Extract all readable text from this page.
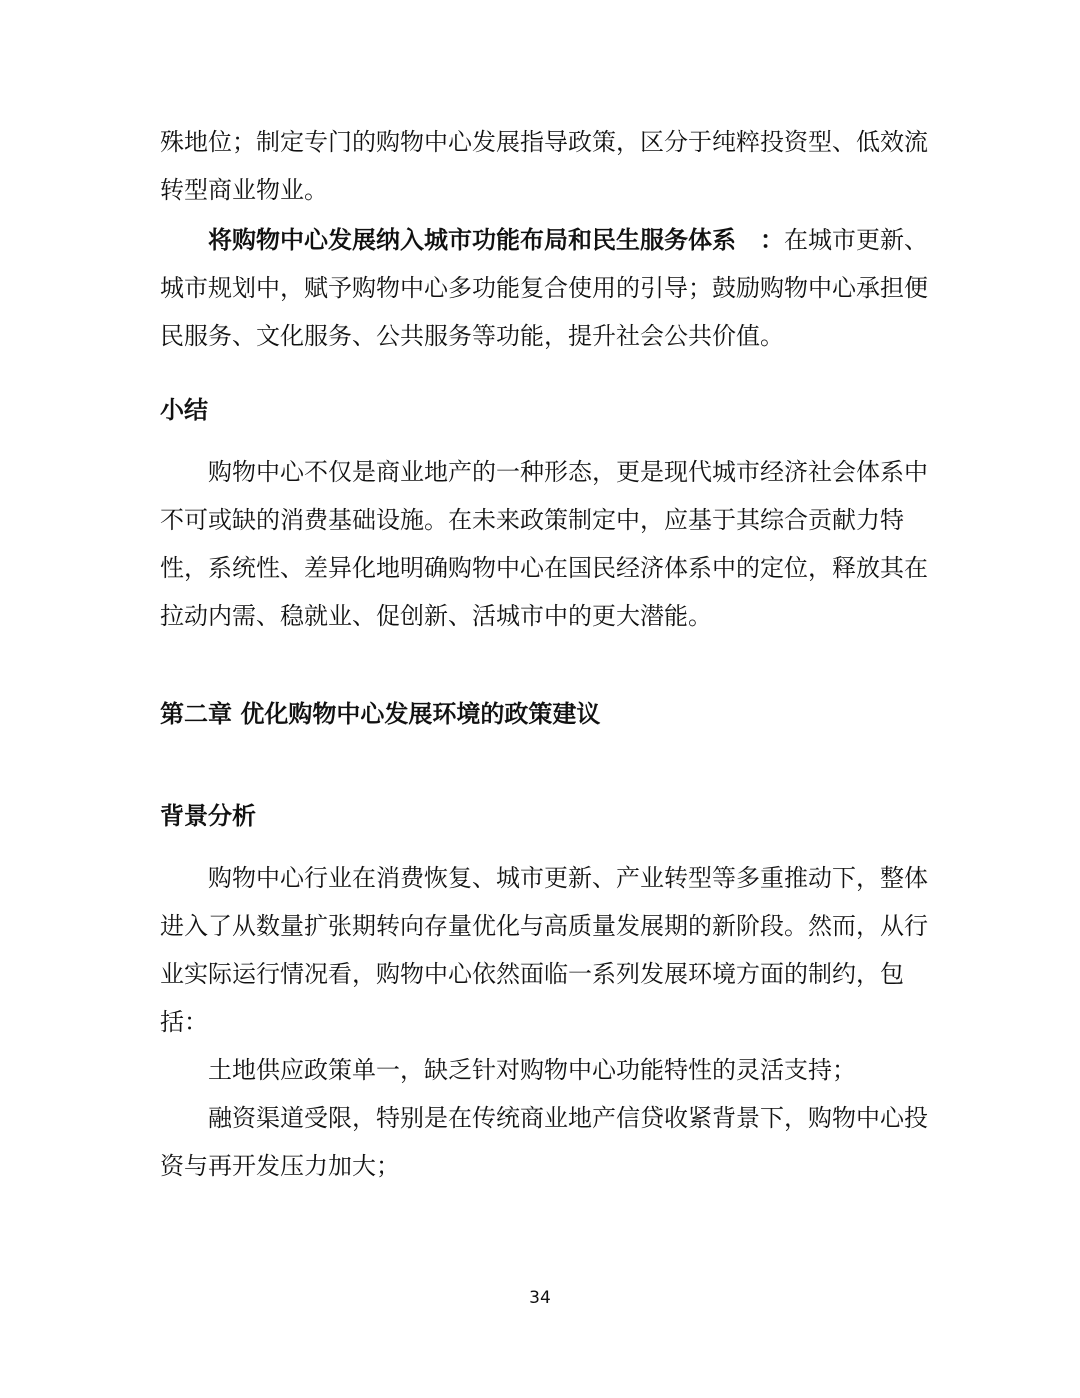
殊地位；制定专门的购物中心发展指导政策，区分于纯粹投资型、低效流转型商业物业。

将购物中心发展纳入城市功能布局和民生服务体系　：在城市更新、城市规划中，赋予购物中心多功能复合使用的引导；鼓励购物中心承担便民服务、文化服务、公共服务等功能，提升社会公共价值。

小结

购物中心不仅是商业地产的一种形态，更是现代城市经济社会体系中不可或缺的消费基础设施。在未来政策制定中，应基于其综合贡献力特性，系统性、差异化地明确购物中心在国民经济体系中的定位，释放其在拉动内需、稳就业、促创新、活城市中的更大潜能。

第二章 优化购物中心发展环境的政策建议
背景分析

购物中心行业在消费恢复、城市更新、产业转型等多重推动下，整体进入了从数量扩张期转向存量优化与高质量发展期的新阶段。然而，从行业实际运行情况看，购物中心依然面临一系列发展环境方面的制约，包括：

土地供应政策单一，缺乏针对购物中心功能特性的灵活支持；

融资渠道受限，特别是在传统商业地产信贷收紧背景下，购物中心投资与再开发压力加大；

34
